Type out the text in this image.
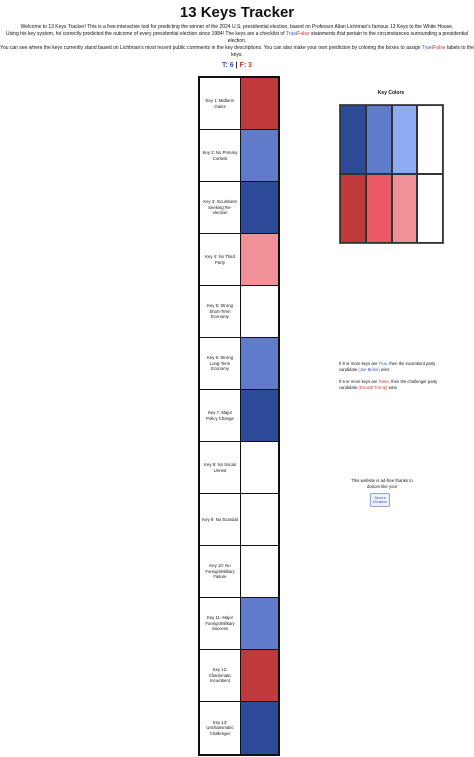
13 Keys Tracker

Welcome to 13 Keys Tracker! This is a free interactive tool for predicting the winner of the 2024 U.S. presidential election, based on Professor Allan Lichtman's famous 13 Keys to the White House.

Using his key system, he correctly predicted the outcome of every presidential election since 1984! The keys are a checklist of True/False statements that pertain to the circumstances surrounding a presidential election.

You can see where the keys currently stand based on Lichtman's most recent public comments in the key descriptions. You can also make your own prediction by coloring the boxes to assign True/False labels to the keys.

T: 6 | F: 3
Key 1: Midterm Gains
Key 2: No Primary Contest
Key 3: Incumbent Seeking Re-election
Key 4: No Third Party
Key 5: Strong Short-Term Economy
Key 6: Strong Long-Term Economy
Key 7: Major Policy Change
Key 8: No Social Unrest
Key 9: No Scandal
Key 10: No Foreign/Military Failure
Key 11: Major Foreign/Military Success
Key 12: Charismatic Incumbent
Key 13: Uncharismatic Challenger
Key Colors

If 8 or more keys are True, then the incumbent party candidate (Joe Biden) wins

If 6 or more keys are False, then the challenger party candidate (Donald Trump) wins

This website is ad-free thanks to donors like you!
Send a Donation
